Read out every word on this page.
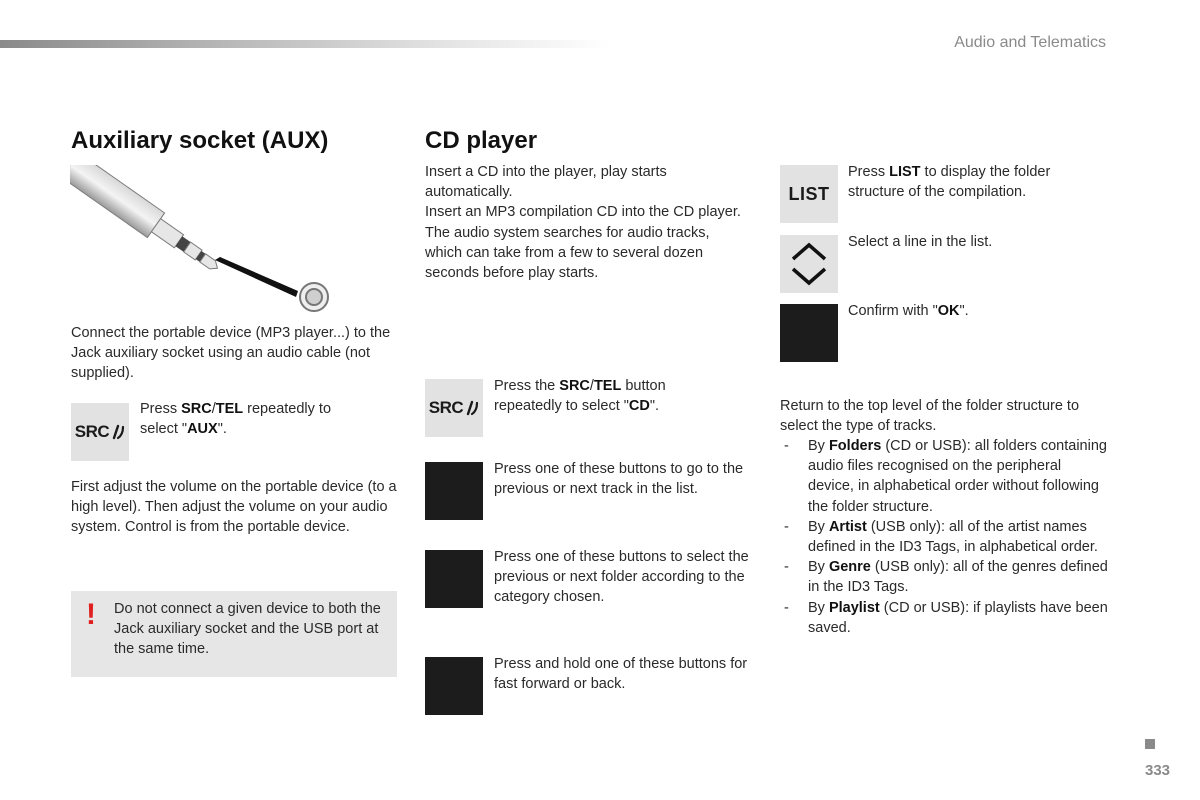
Audio and Telematics
Auxiliary socket (AUX)
Connect the portable device (MP3 player...) to the Jack auxiliary socket using an audio cable (not supplied).
SRC
Press SRC/TEL repeatedly to select "AUX".
First adjust the volume on the portable device (to a high level). Then adjust the volume on your audio system. Control is from the portable device.
! Do not connect a given device to both the Jack auxiliary socket and the USB port at the same time.
CD player
Insert a CD into the player, play starts automatically.
Insert an MP3 compilation CD into the CD player.
The audio system searches for audio tracks, which can take from a few to several dozen seconds before play starts.
SRC
Press the SRC/TEL button repeatedly to select "CD".
Press one of these buttons to go to the previous or next track in the list.
Press one of these buttons to select the previous or next folder according to the category chosen.
Press and hold one of these buttons for fast forward or back.
LIST
Press LIST to display the folder structure of the compilation.
Select a line in the list.
Confirm with "OK".
Return to the top level of the folder structure to select the type of tracks.
- By Folders (CD or USB): all folders containing audio files recognised on the peripheral device, in alphabetical order without following the folder structure.
- By Artist (USB only): all of the artist names defined in the ID3 Tags, in alphabetical order.
- By Genre (USB only): all of the genres defined in the ID3 Tags.
- By Playlist (CD or USB): if playlists have been saved.
333
